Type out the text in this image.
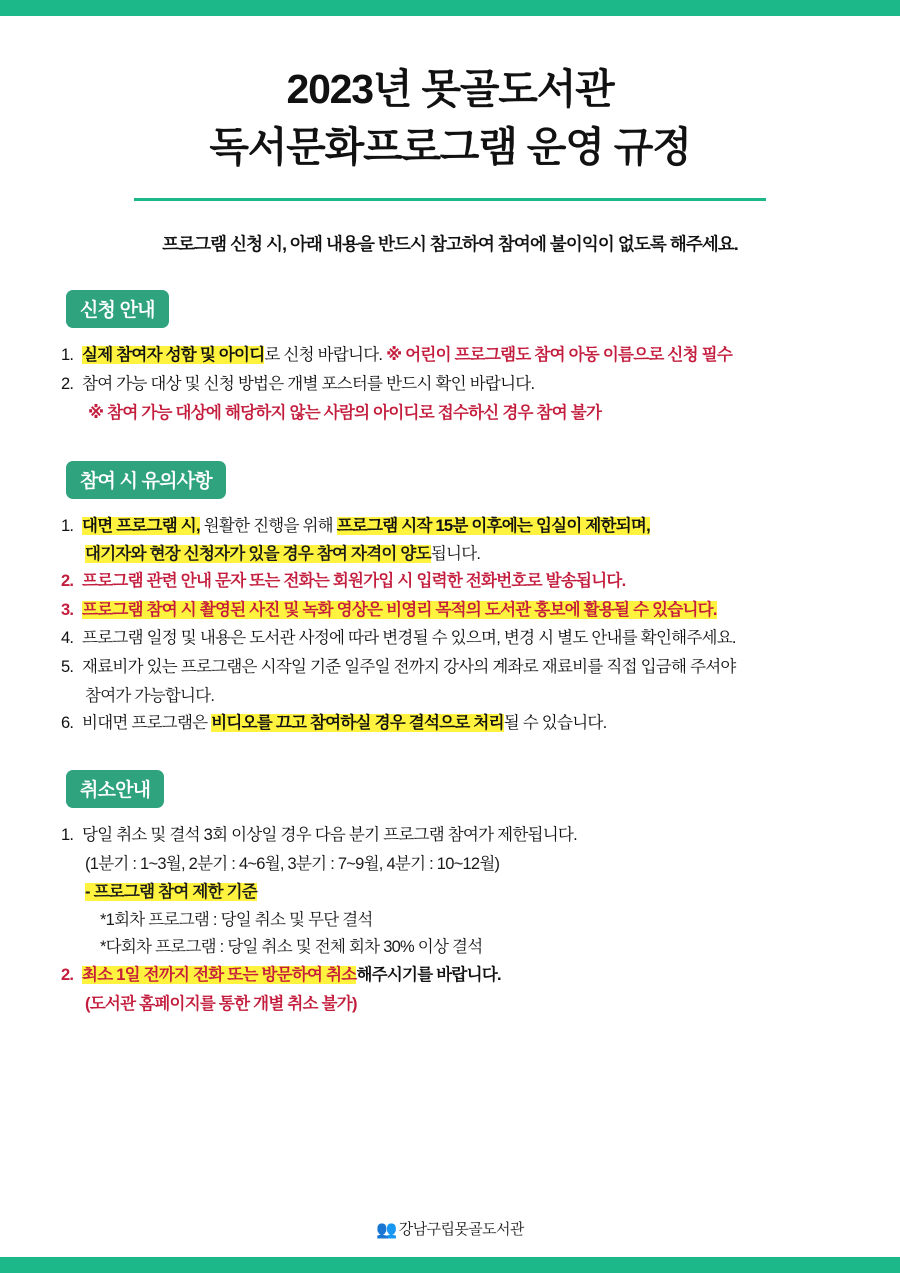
2023년 못골도서관
독서문화프로그램 운영 규정
프로그램 신청 시, 아래 내용을 반드시 참고하여 참여에 불이익이 없도록 해주세요.
신청 안내
1. 실제 참여자 성함 및 아이디로 신청 바랍니다. ※ 어린이 프로그램도 참여 아동 이름으로 신청 필수
2. 참여 가능 대상 및 신청 방법은 개별 포스터를 반드시 확인 바랍니다.
※ 참여 가능 대상에 해당하지 않는 사람의 아이디로 접수하신 경우 참여 불가
참여 시 유의사항
1. 대면 프로그램 시, 원활한 진행을 위해 프로그램 시작 15분 이후에는 입실이 제한되며,
대기자와 현장 신청자가 있을 경우 참여 자격이 양도됩니다.
2. 프로그램 관련 안내 문자 또는 전화는 회원가입 시 입력한 전화번호로 발송됩니다.
3. 프로그램 참여 시 촬영된 사진 및 녹화 영상은 비영리 목적의 도서관 홍보에 활용될 수 있습니다.
4. 프로그램 일정 및 내용은 도서관 사정에 따라 변경될 수 있으며, 변경 시 별도 안내를 확인해주세요.
5. 재료비가 있는 프로그램은 시작일 기준 일주일 전까지 강사의 계좌로 재료비를 직접 입금해 주셔야
참여가 가능합니다.
6. 비대면 프로그램은 비디오를 끄고 참여하실 경우 결석으로 처리될 수 있습니다.
취소안내
1. 당일 취소 및 결석 3회 이상일 경우 다음 분기 프로그램 참여가 제한됩니다.
(1분기 : 1~3월, 2분기 : 4~6월, 3분기 : 7~9월, 4분기 : 10~12월)
- 프로그램 참여 제한 기준
*1회차 프로그램 : 당일 취소 및 무단 결석
*다회차 프로그램 : 당일 취소 및 전체 회차 30% 이상 결석
2. 최소 1일 전까지 전화 또는 방문하여 취소해주시기를 바랍니다.
(도서관 홈페이지를 통한 개별 취소 불가)
👥 강남구립못골도서관
